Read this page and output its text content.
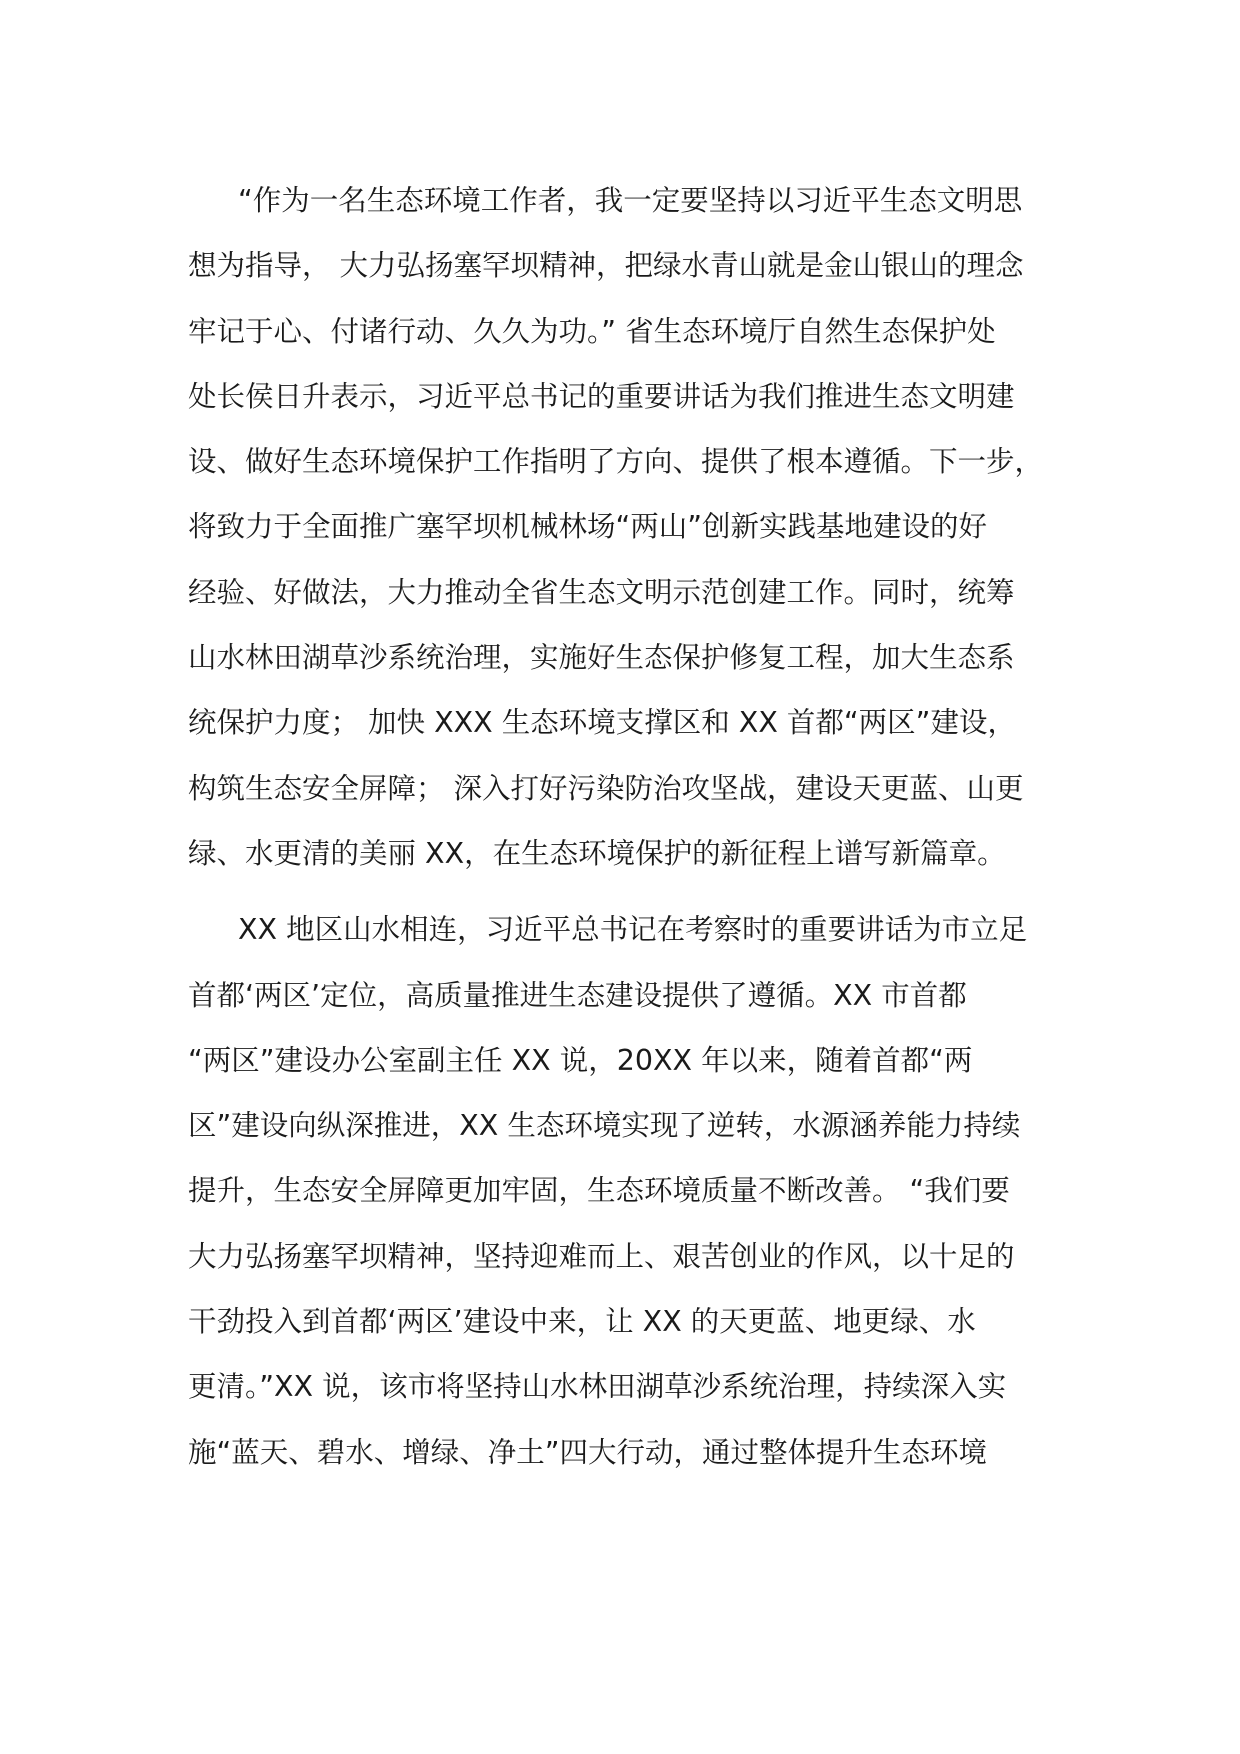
“作为一名生态环境工作者，我一定要坚持以习近平生态文明思
想为指导， 大力弘扬塞罕坝精神，把绿水青山就是金山银山的理念
牢记于心、付诸行动、久久为功。” 省生态环境厅自然生态保护处
处长侯日升表示，习近平总书记的重要讲话为我们推进生态文明建
设、做好生态环境保护工作指明了方向、提供了根本遵循。下一步，
将致力于全面推广塞罕坝机械林场“两山”创新实践基地建设的好
经验、好做法，大力推动全省生态文明示范创建工作。同时，统筹
山水林田湖草沙系统治理，实施好生态保护修复工程，加大生态系
统保护力度； 加快 XXX 生态环境支撑区和 XX 首都“两区”建设，
构筑生态安全屏障； 深入打好污染防治攻坚战，建设天更蓝、山更
绿、水更清的美丽 XX，在生态环境保护的新征程上谱写新篇章。

XX 地区山水相连，习近平总书记在考察时的重要讲话为市立足
首都‘两区’定位，高质量推进生态建设提供了遵循。XX 市首都
“两区”建设办公室副主任 XX 说，20XX 年以来，随着首都“两
区”建设向纵深推进，XX 生态环境实现了逆转，水源涵养能力持续
提升，生态安全屏障更加牢固，生态环境质量不断改善。 “我们要
大力弘扬塞罕坝精神，坚持迎难而上、艰苦创业的作风，以十足的
干劲投入到首都‘两区’建设中来，让 XX 的天更蓝、地更绿、水
更清。”XX 说，该市将坚持山水林田湖草沙系统治理，持续深入实
施“蓝天、碧水、增绿、净土”四大行动，通过整体提升生态环境
